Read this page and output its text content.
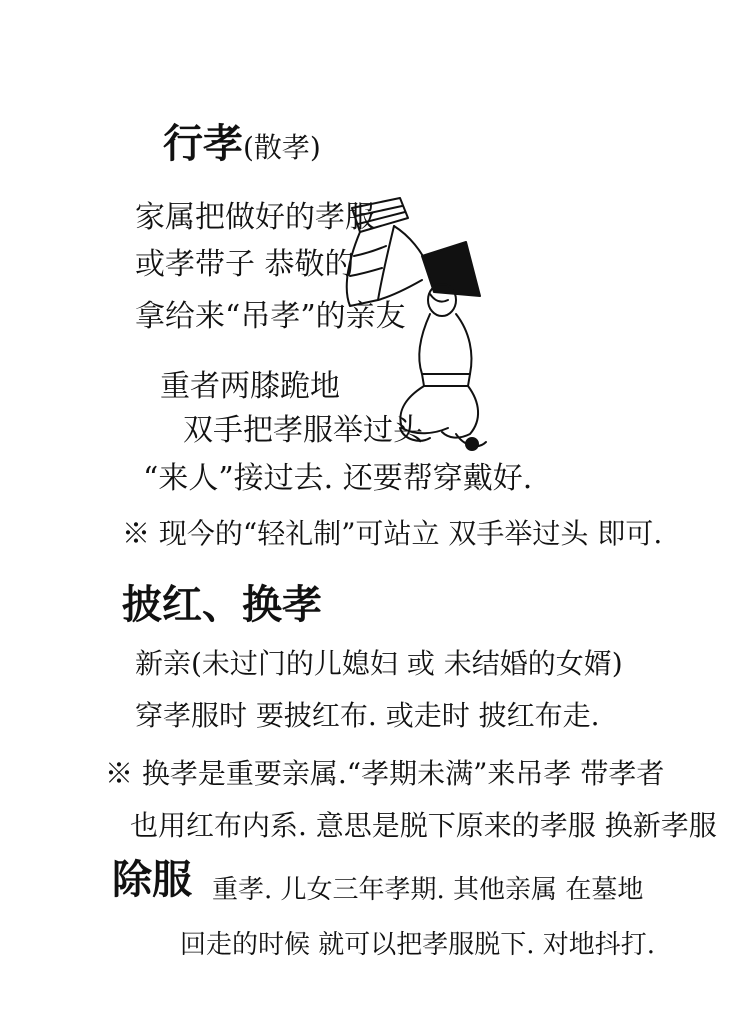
行孝(散孝)
家属把做好的孝服
或孝带子 恭敬的
拿给来“吊孝”的亲友
重者两膝跪地
双手把孝服举过头
“来人”接过去. 还要帮穿戴好.
※ 现今的“轻礼制”可站立 双手举过头 即可.
披红、换孝
新亲(未过门的儿媳妇 或 未结婚的女婿)
穿孝服时 要披红布. 或走时 披红布走.
※ 换孝是重要亲属.“孝期未满”来吊孝 带孝者
也用红布内系. 意思是脱下原来的孝服 换新孝服
除服 重孝. 儿女三年孝期. 其他亲属 在墓地
回走的时候 就可以把孝服脱下. 对地抖打.
